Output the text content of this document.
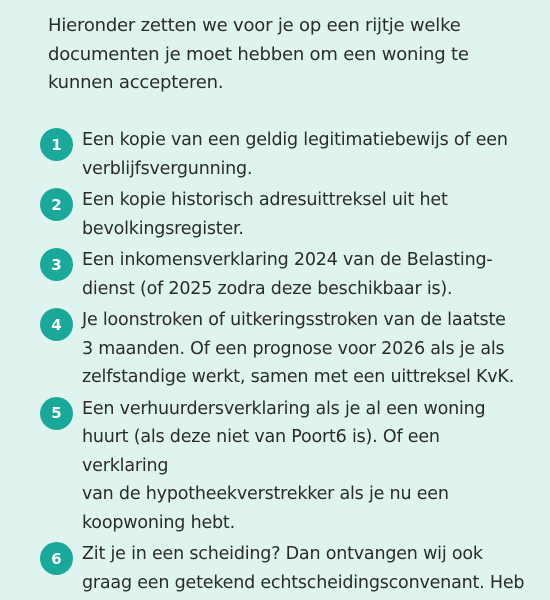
Hieronder zetten we voor je op een rijtje welke documenten je moet hebben om een woning te kunnen accepteren.

1	Een kopie van een geldig legitimatiebewijs of een
verblijfsvergunning.
2	Een kopie historisch adresuittreksel uit het
bevolkingsregister.
3	Een inkomensverklaring 2024 van de Belasting-
dienst (of 2025 zodra deze beschikbaar is).
4	Je loonstroken of uitkeringsstroken van de laatste
3 maanden. Of een prognose voor 2026 als je als
zelfstandige werkt, samen met een uittreksel KvK.
5	Een verhuurdersverklaring als je al een woning
huurt (als deze niet van Poort6 is). Of een verklaring
van de hypotheekverstrekker als je nu een
koopwoning hebt.
6	Zit je in een scheiding? Dan ontvangen wij ook
graag een getekend echtscheidingsconvenant. Heb
